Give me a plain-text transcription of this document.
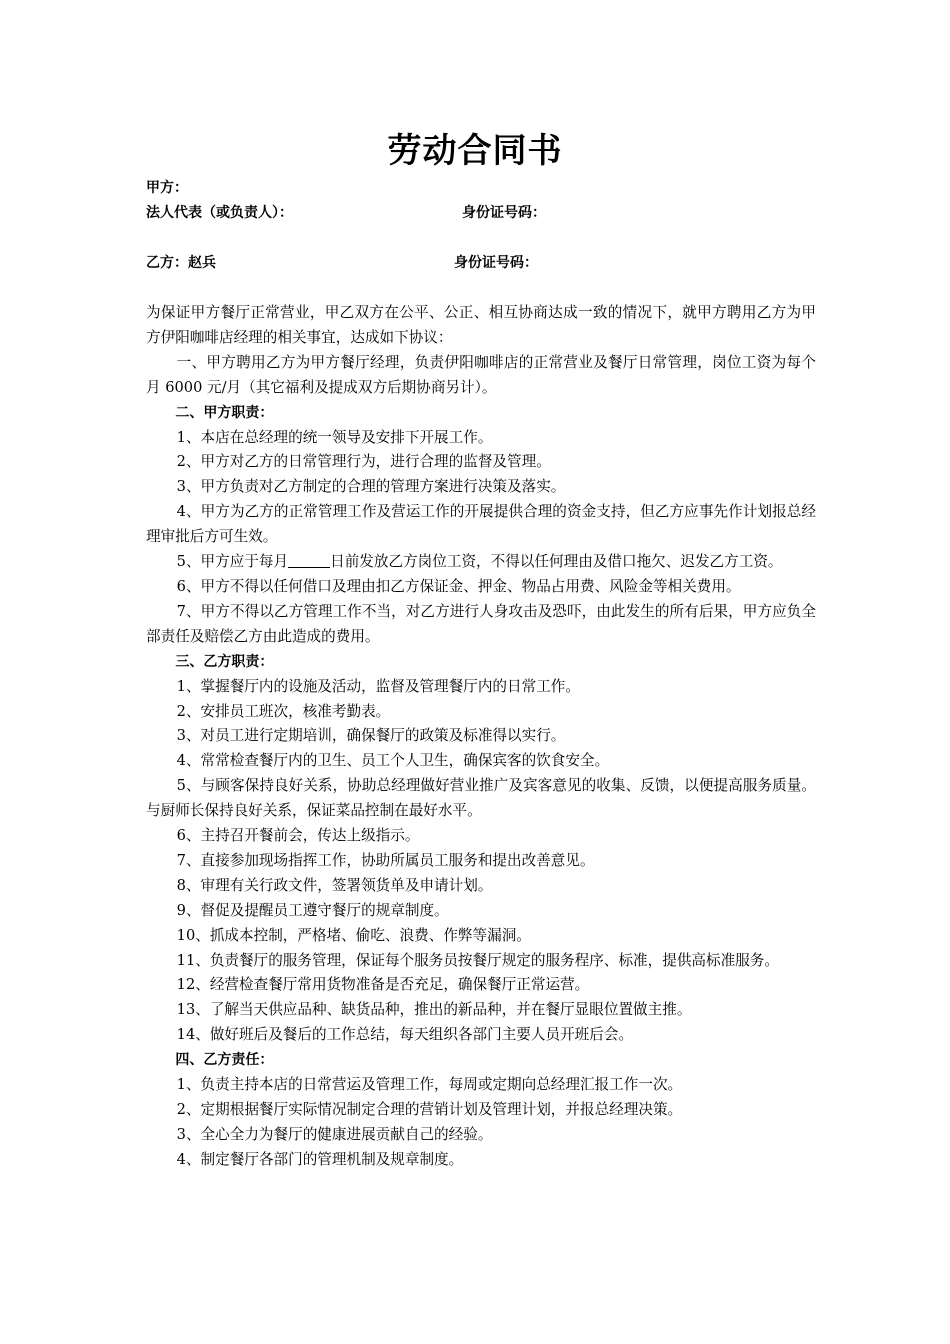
劳动合同书
甲方：
法人代表（或负责人）：	身份证号码：
乙方：赵兵	身份证号码：

为保证甲方餐厅正常营业，甲乙双方在公平、公正、相互协商达成一致的情况下，就甲方聘用乙方为甲方伊阳咖啡店经理的相关事宜，达成如下协议：

一、甲方聘用乙方为甲方餐厅经理，负责伊阳咖啡店的正常营业及餐厅日常管理，岗位工资为每个月 6000 元/月（其它福利及提成双方后期协商另计）。

二、甲方职责：

1、本店在总经理的统一领导及安排下开展工作。

2、甲方对乙方的日常管理行为，进行合理的监督及管理。

3、甲方负责对乙方制定的合理的管理方案进行决策及落实。

4、甲方为乙方的正常管理工作及营运工作的开展提供合理的资金支持，但乙方应事先作计划报总经理审批后方可生效。

5、甲方应于每月	日前发放乙方岗位工资，不得以任何理由及借口拖欠、迟发乙方工资。

6、甲方不得以任何借口及理由扣乙方保证金、押金、物品占用费、风险金等相关费用。

7、甲方不得以乙方管理工作不当，对乙方进行人身攻击及恐吓，由此发生的所有后果，甲方应负全部责任及赔偿乙方由此造成的费用。

三、乙方职责：

1、掌握餐厅内的设施及活动，监督及管理餐厅内的日常工作。

2、安排员工班次，核准考勤表。

3、对员工进行定期培训，确保餐厅的政策及标准得以实行。

4、常常检查餐厅内的卫生、员工个人卫生，确保宾客的饮食安全。

5、与顾客保持良好关系，协助总经理做好营业推广及宾客意见的收集、反馈，以便提高服务质量。与厨师长保持良好关系，保证菜品控制在最好水平。

6、主持召开餐前会，传达上级指示。

7、直接参加现场指挥工作，协助所属员工服务和提出改善意见。

8、审理有关行政文件，签署领货单及申请计划。

9、督促及提醒员工遵守餐厅的规章制度。

10、抓成本控制，严格堵、偷吃、浪费、作弊等漏洞。

11、负责餐厅的服务管理，保证每个服务员按餐厅规定的服务程序、标准，提供高标准服务。

12、经营检查餐厅常用货物准备是否充足，确保餐厅正常运营。

13、了解当天供应品种、缺货品种，推出的新品种，并在餐厅显眼位置做主推。

14、做好班后及餐后的工作总结，每天组织各部门主要人员开班后会。

四、乙方责任：

1、负责主持本店的日常营运及管理工作，每周或定期向总经理汇报工作一次。

2、定期根据餐厅实际情况制定合理的营销计划及管理计划，并报总经理决策。

3、全心全力为餐厅的健康进展贡献自己的经验。

4、制定餐厅各部门的管理机制及规章制度。
